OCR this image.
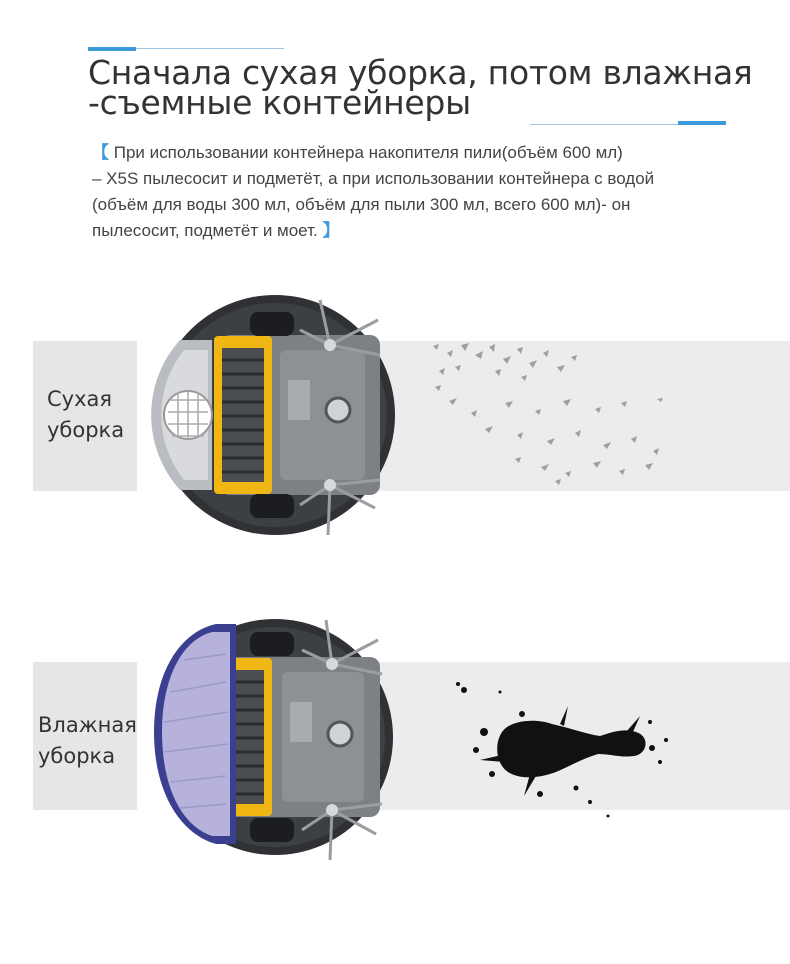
Сначала сухая уборка, потом влажная
-съемные контейнеры
【 При использовании контейнера накопителя пили(объём 600 мл)
– X5S пылесосит и подметёт, а при использовании контейнера с водой
(объём для воды 300 мл, объём для пыли 300 мл, всего 600 мл)- он
пылесосит, подметёт и моет. 】
Сухая
уборка
Влажная
уборка
